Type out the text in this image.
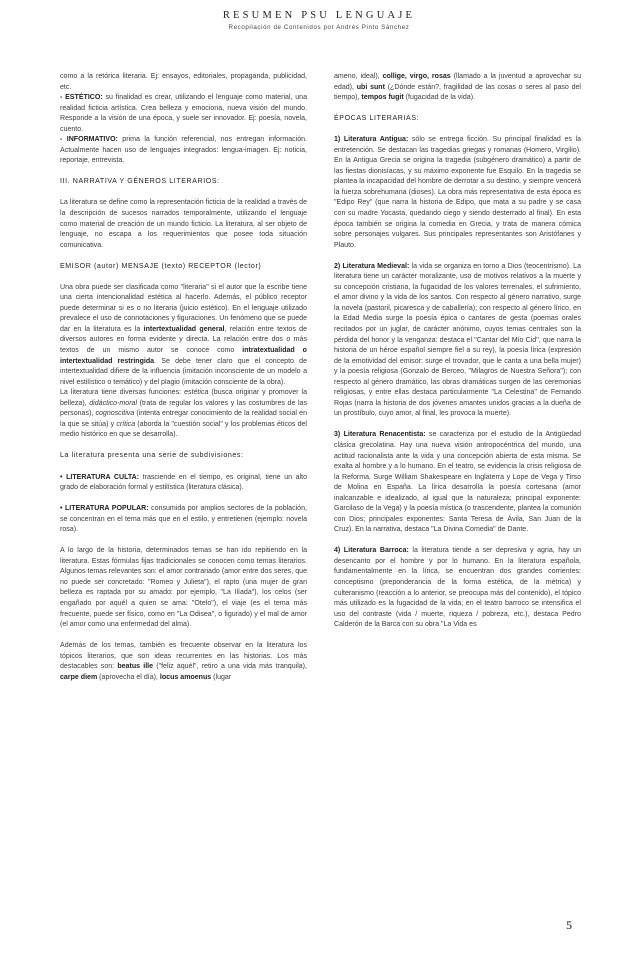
RESUMEN PSU LENGUAJE
Recopilación de Contenidos por Andrés Pinto Sánchez

como a la retórica literaria. Ej: ensayos, editoriales, propaganda, publicidad, etc.

- ESTÉTICO: su finalidad es crear, utilizando el lenguaje como material, una realidad ficticia artística. Crea belleza y emociona, nueva visión del mundo. Responde a la visión de una época, y suele ser innovador. Ej: poesía, novela, cuento.

- INFORMATIVO: prima la función referencial, nos entregan información. Actualmente hacen uso de lenguajes integrados: lengua-imagen. Ej: noticia, reportaje, entrevista.

III. NARRATIVA Y GÉNEROS LITERARIOS:

La literatura se define como la representación ficticia de la realidad a través de la descripción de sucesos narrados temporalmente, utilizando el lenguaje como material de creación de un mundo ficticio. La literatura, al ser objeto de lenguaje, no escapa a los requerimientos que posee toda situación comunicativa.

EMISOR (autor) MENSAJE (texto) RECEPTOR (lector)

Una obra puede ser clasificada como "literaria" si el autor que la escribe tiene una cierta intencionalidad estética al hacerlo. Además, el público receptor puede determinar si es o no literaria (juicio estético). En el lenguaje utilizado prevalece el uso de connotaciones y figuraciones. Un fenómeno que se puede dar en la literatura es la intertextualidad general, relación entre textos de diversos autores en forma evidente y directa. La relación entre dos o más textos de un mismo autor se conoce como intratextualidad o intertextualidad restringida. Se debe tener claro que el concepto de intertextualidad difiere de la influencia (imitación inconsciente de un modelo a nivel estilístico o temático) y del plagio (imitación consciente de la obra).

La literatura tiene diversas funciones: estética (busca originar y promover la belleza), didáctico-moral (trata de regular los valores y las costumbres de las personas), cognoscitiva (intenta entregar conocimiento de la realidad social en la que se sitúa) y crítica (aborda la "cuestión social" y los problemas éticos del medio histórico en que se desarrolla).

La literatura presenta una serie de subdivisiones:

• LITERATURA CULTA: trasciende en el tiempo, es original, tiene un alto grado de elaboración formal y estilística (literatura clásica).

• LITERATURA POPULAR: consumida por amplios sectores de la población, se concentran en el tema más que en el estilo, y entretienen (ejemplo: novela rosa).

A lo largo de la historia, determinados temas se han ido repitiendo en la literatura. Estas fórmulas fijas tradicionales se conocen como temas literarios. Algunos temas relevantes son: el amor contrariado (amor entre dos seres, que no puede ser concretado: "Romeo y Julieta"), el rapto (una mujer de gran belleza es raptada por su amado: por ejemplo, "La Ilíada"), los celos (ser engañado por aquél a quien se ama: "Otelo"), el viaje (es el tema más frecuente, puede ser físico, como en "La Odisea", o figurado) y el mal de amor (el amor como una enfermedad del alma).

Además de los temas, también es frecuente observar en la literatura los tópicos literarios, que son ideas recurrentes en las historias. Los más destacables son: beatus ille ("feliz aquél", retiro a una vida más tranquila), carpe diem (aprovecha el día), locus amoenus (lugar

ameno, ideal), collige, virgo, rosas (llamado a la juventud a aprovechar su edad), ubi sunt (¿Dónde están?, fragilidad de las cosas o seres al paso del tiempo), tempos fugit (fugacidad de la vida).

ÉPOCAS LITERARIAS:

1) Literatura Antigua: sólo se entrega ficción. Su principal finalidad es la entretención. Se destacan las tragedias griegas y romanas (Homero, Virgilio). En la Antigua Grecia se origina la tragedia (subgénero dramático) a partir de las fiestas dionisíacas, y su máximo exponente fue Esquilo. En la tragedia se plantea la incapacidad del hombre de derrotar a su destino, y siempre vencerá la fuerza sobrehumana (dioses). La obra más representativa de esta época es "Edipo Rey" (que narra la historia de Edipo, que mata a su padre y se casa con su madre Yocasta, quedando ciego y siendo desterrado al final). En esta época también se origina la comedia en Grecia, y trata de manera cómica sobre personajes vulgares. Sus principales representantes son Aristófanes y Plauto.

2) Literatura Medieval: la vida se organiza en torno a Dios (teocentrismo). La literatura tiene un carácter moralizante, uso de motivos relativos a la muerte y su concepción cristiana, la fugacidad de los valores terrenales, el sufrimiento, el amor divino y la vida de los santos. Con respecto al género narrativo, surge la novela (pastoril, picaresca y de caballería); con respecto al género lírico, en la Edad Media surge la poesía épica o cantares de gesta (poemas orales recitados por un juglar, de carácter anónimo, cuyos temas centrales son la pérdida del honor y la venganza: destaca el "Cantar del Mío Cid", que narra la historia de un héroe español siempre fiel a su rey), la poesía lírica (expresión de la emotividad del emisor: surge el trovador, que le canta a una bella mujer) y la poesía religiosa (Gonzalo de Berceo, "Milagros de Nuestra Señora"); con respecto al género dramático, las obras dramáticas surgen de las ceremonias religiosas, y entre ellas destaca particularmente "La Celestina" de Fernando Rojas (narra la historia de dos jóvenes amantes unidos gracias a la dueña de un prostíbulo, cuyo amor, al final, les provoca la muerte).

3) Literatura Renacentista: se caracteriza por el estudio de la Antigüedad clásica grecolatina. Hay una nueva visión antropocéntrica del mundo, una actitud racionalista ante la vida y una concepción abierta de esta misma. Se exalta al hombre y a lo humano. En el teatro, se evidencia la crisis religiosa de la Reforma. Surge William Shakespeare en Inglaterra y Lope de Vega y Tirso de Molina en España. La lírica desarrolla la poesía cortesana (amor inalcanzable e idealizado, al igual que la naturaleza; principal exponente: Garcilaso de la Vega) y la poesía mística (o trascendente, plantea la comunión con Dios; principales exponentes: Santa Teresa de Ávila, San Juan de la Cruz). En la narrativa, destaca "La Divina Comedia" de Dante.

4) Literatura Barroca: la literatura tiende a ser depresiva y agria, hay un desencanto por el hombre y por lo humano. En la literatura española, fundamentalmente en la lírica, se encuentran dos grandes corrientes: conceptismo (preponderancia de la forma estética, de la métrica) y culteranismo (reacción a lo anterior, se preocupa más del contenido), el tópico más utilizado es la fugacidad de la vida; en el teatro barroco se intensifica el uso del contraste (vida / muerte, riqueza / pobreza, etc.), destaca Pedro Calderón de la Barca con su obra "La Vida es

5
